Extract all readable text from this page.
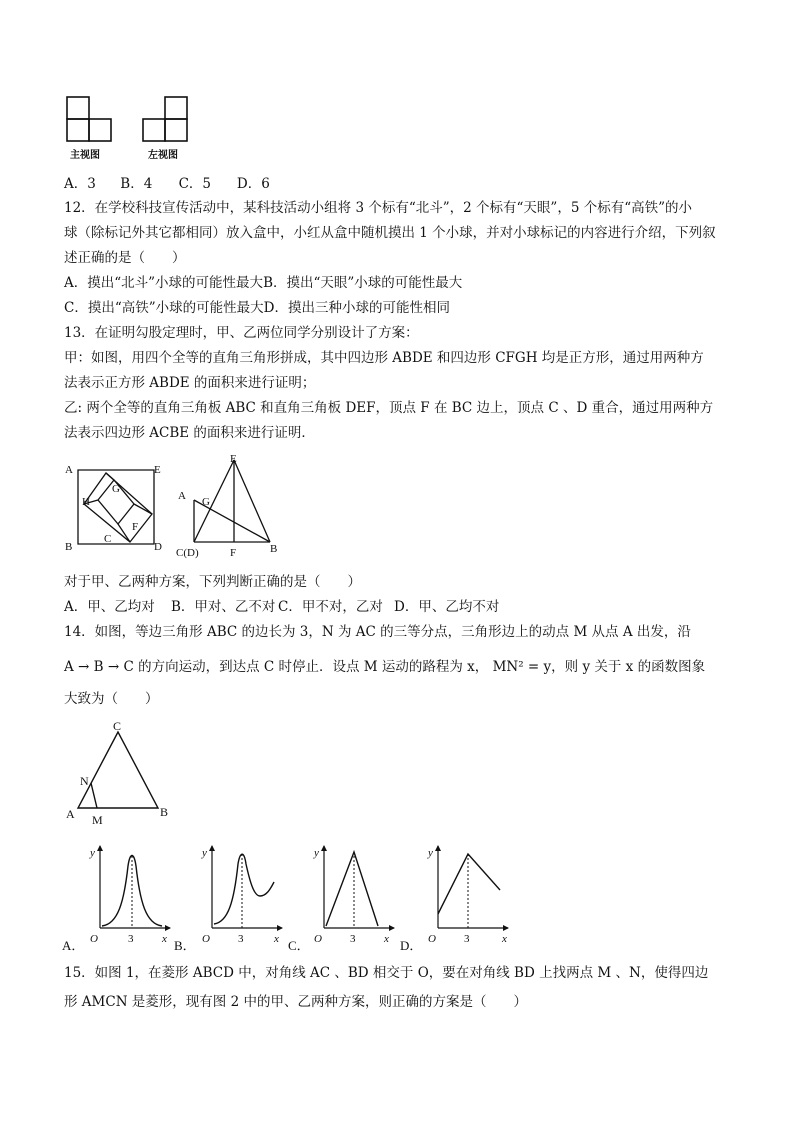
主视图	左视图
A．3 B．4 C．5 D．6
12．在学校科技宣传活动中，某科技活动小组将 3 个标有“北斗”，2 个标有“天眼”，5 个标有“高铁”的小
球（除标记外其它都相同）放入盒中，小红从盒中随机摸出 1 个小球，并对小球标记的内容进行介绍，下列叙
述正确的是（　　）
A．摸出“北斗”小球的可能性最大B．摸出“天眼”小球的可能性最大
C．摸出“高铁”小球的可能性最大D．摸出三种小球的可能性相同
13．在证明勾股定理时，甲、乙两位同学分别设计了方案：
甲：如图，用四个全等的直角三角形拼成，其中四边形 ABDE 和四边形 CFGH 均是正方形，通过用两种方
法表示正方形 ABDE 的面积来进行证明；
乙: 两个全等的直角三角板 ABC 和直角三角板 DEF，顶点 F 在 BC 边上，顶点 C 、D 重合，通过用两种方
法表示四边形 ACBE 的面积来进行证明．
A	E
G
H
F
B
C
D
E
A G
C(D)	F	B
对于甲、乙两种方案，下列判断正确的是（　　）
A．甲、乙均对 B．甲对、乙不对 C．甲不对，乙对 D．甲、乙均不对
14．如图，等边三角形 ABC 的边长为 3，N 为 AC 的三等分点，三角形边上的动点 M 从点 A 出发，沿
A → B → C 的方向运动，到达点 C 时停止．设点 M 运动的路程为 x， MN² = y，则 y 关于 x 的函数图象
大致为（　　）
C
N
A M
B
A．
y
O	3	x B．
y
O	3	x C．
y
O	3	x D．
y
O	3	x
15．如图 1，在菱形 ABCD 中，对角线 AC 、BD 相交于 O，要在对角线 BD 上找两点 M 、N，使得四边
形 AMCN 是菱形，现有图 2 中的甲、乙两种方案，则正确的方案是（　　）
